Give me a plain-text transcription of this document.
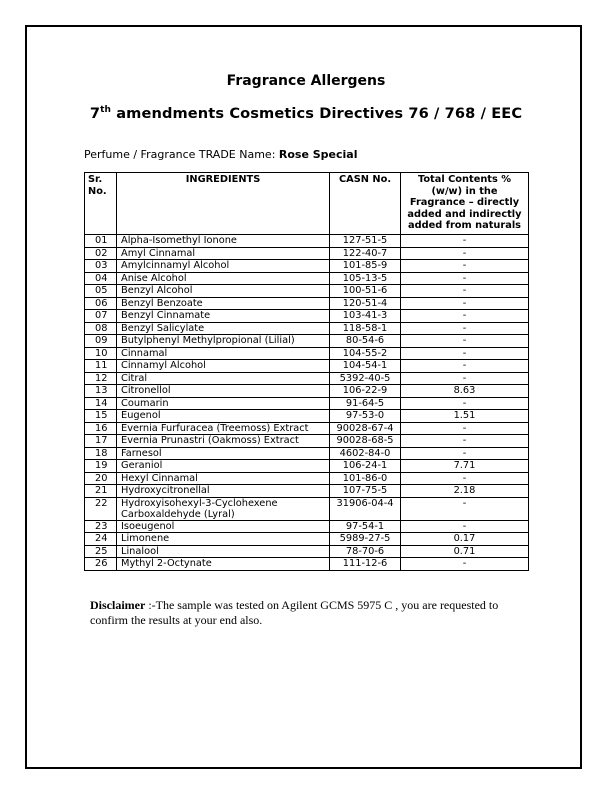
Fragrance Allergens
7th amendments Cosmetics Directives 76 / 768 / EEC
Perfume / Fragrance TRADE Name: Rose Special
Sr. No.	INGREDIENTS	CASN No.	Total Contents % (w/w) in the Fragrance – directly added and indirectly added from naturals
01	Alpha-Isomethyl Ionone	127-51-5	-
02	Amyl Cinnamal	122-40-7	-
03	Amylcinnamyl Alcohol	101-85-9	-
04	Anise Alcohol	105-13-5	-
05	Benzyl Alcohol	100-51-6	-
06	Benzyl Benzoate	120-51-4	-
07	Benzyl Cinnamate	103-41-3	-
08	Benzyl Salicylate	118-58-1	-
09	Butylphenyl Methylpropional (Lilial)	80-54-6	-
10	Cinnamal	104-55-2	-
11	Cinnamyl Alcohol	104-54-1	-
12	Citral	5392-40-5	-
13	Citronellol	106-22-9	8.63
14	Coumarin	91-64-5	-
15	Eugenol	97-53-0	1.51
16	Evernia Furfuracea (Treemoss) Extract	90028-67-4	-
17	Evernia Prunastri (Oakmoss) Extract	90028-68-5	-
18	Farnesol	4602-84-0	-
19	Geraniol	106-24-1	7.71
20	Hexyl Cinnamal	101-86-0	-
21	Hydroxycitronellal	107-75-5	2.18
22	Hydroxyisohexyl-3-Cyclohexene Carboxaldehyde (Lyral)	31906-04-4	-
23	Isoeugenol	97-54-1	-
24	Limonene	5989-27-5	0.17
25	Linalool	78-70-6	0.71
26	Mythyl 2-Octynate	111-12-6	-
Disclaimer :-The sample was tested on Agilent GCMS 5975 C , you are requested to confirm the results at your end also.
